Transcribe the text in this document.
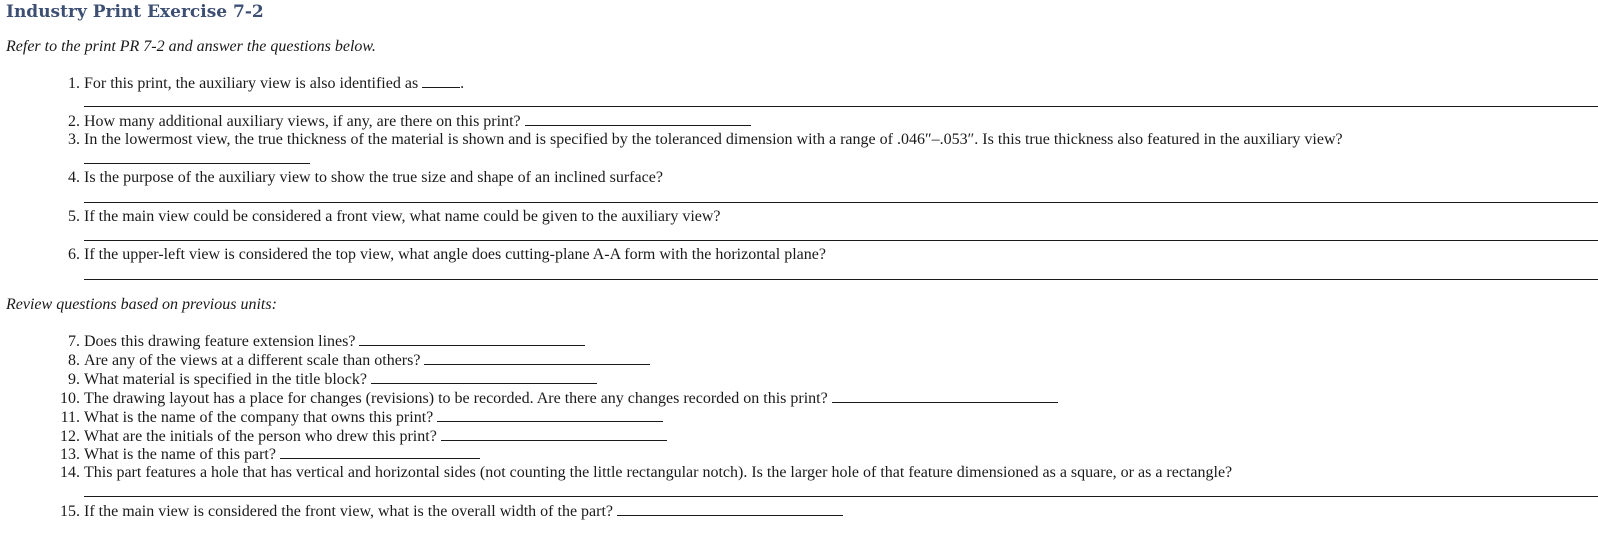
Industry Print Exercise 7-2
Refer to the print PR 7-2 and answer the questions below.
1. For this print, the auxiliary view is also identified as	.
2. How many additional auxiliary views, if any, are there on this print?
3. In the lowermost view, the true thickness of the material is shown and is specified by the toleranced dimension with a range of .046″–.053″. Is this true thickness also featured in the auxiliary view?
4. Is the purpose of the auxiliary view to show the true size and shape of an inclined surface?
5. If the main view could be considered a front view, what name could be given to the auxiliary view?
6. If the upper-left view is considered the top view, what angle does cutting-plane A-A form with the horizontal plane?
Review questions based on previous units:
7. Does this drawing feature extension lines?
8. Are any of the views at a different scale than others?
9. What material is specified in the title block?
10. The drawing layout has a place for changes (revisions) to be recorded. Are there any changes recorded on this print?
11. What is the name of the company that owns this print?
12. What are the initials of the person who drew this print?
13. What is the name of this part?
14. This part features a hole that has vertical and horizontal sides (not counting the little rectangular notch). Is the larger hole of that feature dimensioned as a square, or as a rectangle?
15. If the main view is considered the front view, what is the overall width of the part?
